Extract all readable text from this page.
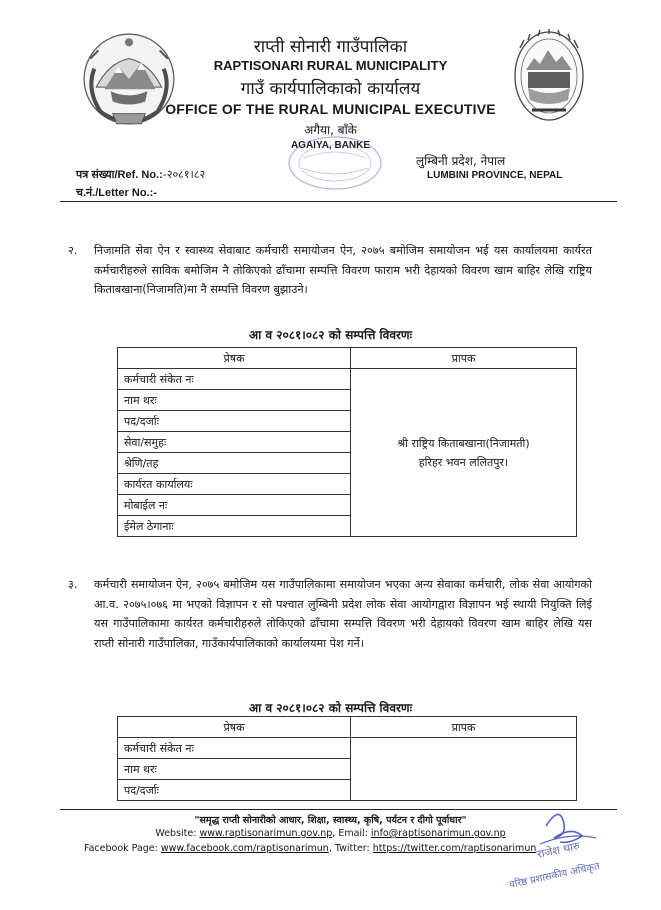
राप्ती सोनारी गाउँपालिका
RAPTISONARI RURAL MUNICIPALITY
गाउँ कार्यपालिकाको कार्यालय
OFFICE OF THE RURAL MUNICIPAL EXECUTIVE
अगैया, बाँके
AGAIYA, BANKE
पत्र संख्या/Ref. No.:-२०८१।८२
च.नं./Letter No.:-
लुम्बिनी प्रदेश, नेपाल
LUMBINI PROVINCE, NEPAL
२. निजामति सेवा ऐन र स्वास्थ्य सेवाबाट कर्मचारी समायोजन ऐन, २०७५ बमोजिम समायोजन भई यस कार्यालयमा कार्यरत कर्मचारीहरुले साविक बमोजिम नै तोकिएको ढाँचामा सम्पत्ति विवरण फाराम भरी देहायको विवरण खाम बाहिर लेखि राष्ट्रिय किताबखाना(निजामति)मा नै सम्पत्ति विवरण बुझाउने।
आ व २०८१।०८२ को सम्पत्ति विवरणः
प्रेषक	प्रापक
कर्मचारी संकेत नः	श्री राष्ट्रिय किताबखाना(निजामती)
हरिहर भवन ललितपुर।

नाम थरः	
पद/दर्जाः	
सेवा/समुहः	
श्रेणि/तह	
कार्यरत कार्यालयः	
मोबाईल नः	
ईमेल ठेगानाः	
३. कर्मचारी समायोजन ऐन, २०७५ बमोजिम यस गाउँपालिकामा समायोजन भएका अन्य सेवाका कर्मचारी, लोक सेवा आयोगको आ.व. २०७५।०७६ मा भएको विज्ञापन र सो पश्चात लुम्बिनी प्रदेश लोक सेवा आयोगद्वारा विज्ञापन भई स्थायी नियुक्ति लिई यस गाउँपालिकामा कार्यरत कर्मचारीहरुले तोकिएको ढाँचामा सम्पत्ति विवरण भरी देहायको विवरण खाम बाहिर लेखि यस राप्ती सोनारी गाउँपालिका, गाउँकार्यपालिकाको कार्यालयमा पेश गर्ने।
आ व २०८१।०८२ को सम्पत्ति विवरणः
प्रेषक	प्रापक
कर्मचारी संकेत नः	
नाम थरः	
पद/दर्जाः	
"समृद्ध राप्ती सोनारीको आधार, शिक्षा, स्वास्थ्य, कृषि, पर्यटन र दीगो पूर्वाधार"
Website: www.raptisonarimun.gov.np, Email: info@raptisonarimun.gov.np
Facebook Page: www.facebook.com/raptisonarimun, Twitter: https://twitter.com/raptisonarimun राजेश थारु
वरिष्ठ प्रशासकीय अधिकृत
